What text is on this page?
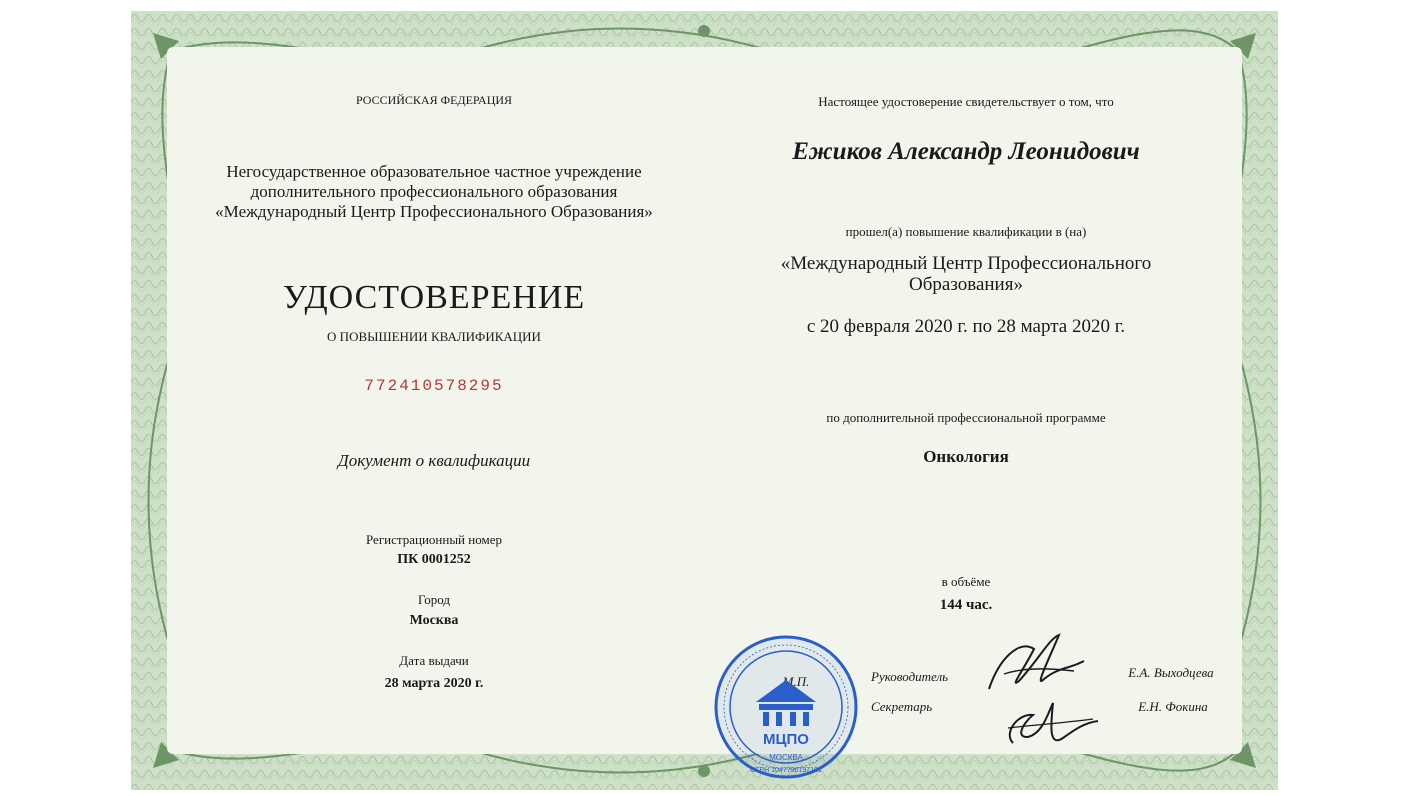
РОССИЙСКАЯ ФЕДЕРАЦИЯ
Негосударственное образовательное частное учреждение
дополнительного профессионального образования
«Международный Центр Профессионального Образования»
УДОСТОВЕРЕНИЕ
О ПОВЫШЕНИИ КВАЛИФИКАЦИИ
772410578295
Документ о квалификации
Регистрационный номер
ПК 0001252
Город
Москва
Дата выдачи
28 марта 2020 г.
Настоящее удостоверение свидетельствует о том, что
Ежиков Александр Леонидович
прошел(а) повышение квалификации в (на)
«Международный Центр Профессионального
Образования»
с 20 февраля 2020 г. по 28 марта 2020 г.
по дополнительной профессиональной программе
Онкология
в объёме
144 час.
Руководитель	Е.А. Выходцева
Секретарь	Е.Н. Фокина
МЦПО
МОСКВА
ОГРН 1047796197101
